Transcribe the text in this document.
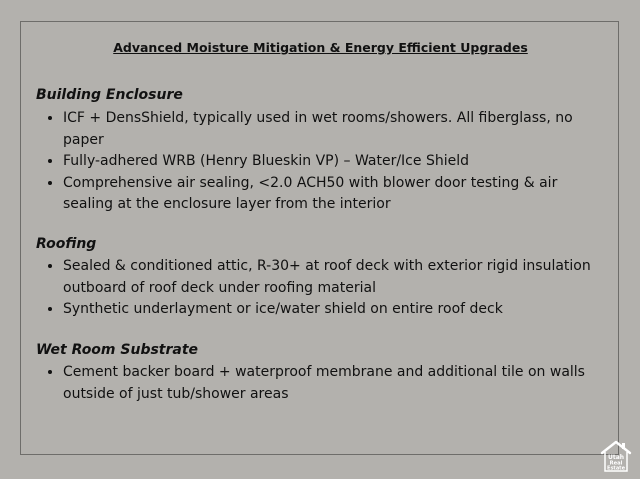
Advanced Moisture Mitigation & Energy Efficient Upgrades
Building Enclosure
• ICF + DensShield, typically used in wet rooms/showers. All fiberglass, no paper
• Fully-adhered WRB (Henry Blueskin VP) – Water/Ice Shield
• Comprehensive air sealing, <2.0 ACH50 with blower door testing & air sealing at the enclosure layer from the interior
Roofing
• Sealed & conditioned attic, R-30+ at roof deck with exterior rigid insulation outboard of roof deck under roofing material
• Synthetic underlayment or ice/water shield on entire roof deck
Wet Room Substrate
• Cement backer board + waterproof membrane and additional tile on walls outside of just tub/shower areas
Utah
Real
Estate
